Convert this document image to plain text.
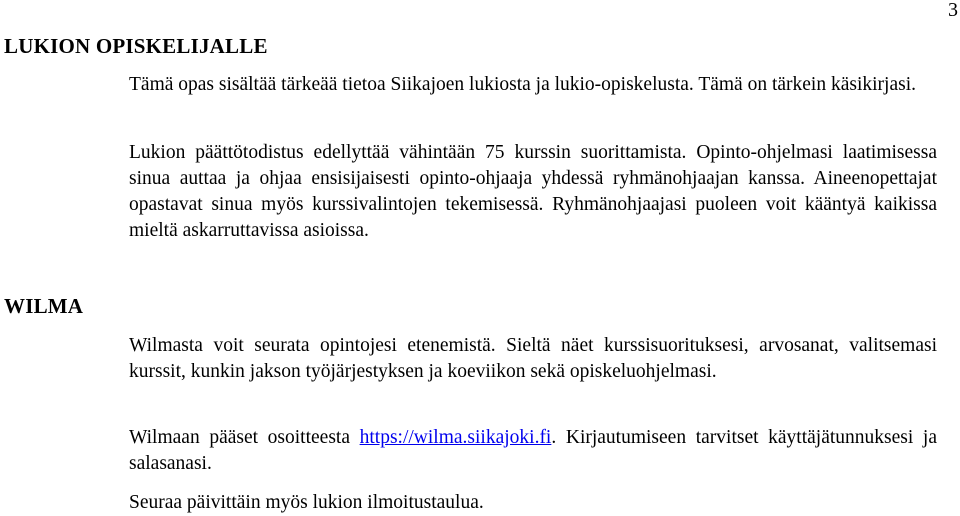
3
LUKION OPISKELIJALLE

Tämä opas sisältää tärkeää tietoa Siikajoen lukiosta ja lukio-opiskelusta. Tämä on tärkein käsikirjasi.

Lukion päättötodistus edellyttää vähintään 75 kurssin suorittamista. Opinto-ohjelmasi laatimisessa sinua auttaa ja ohjaa ensisijaisesti opinto-ohjaaja yhdessä ryhmänohjaajan kanssa. Aineenopettajat opastavat sinua myös kurssivalintojen tekemisessä. Ryhmänohjaajasi puoleen voit kääntyä kaikissa mieltä askarruttavissa asioissa.

WILMA

Wilmasta voit seurata opintojesi etenemistä. Sieltä näet kurssisuorituksesi, arvosanat, valitsemasi kurssit, kunkin jakson työjärjestyksen ja koeviikon sekä opiskeluohjelmasi.

Wilmaan pääset osoitteesta https://wilma.siikajoki.fi. Kirjautumiseen tarvitset käyttäjätunnuksesi ja salasanasi.

Seuraa päivittäin myös lukion ilmoitustaulua.
